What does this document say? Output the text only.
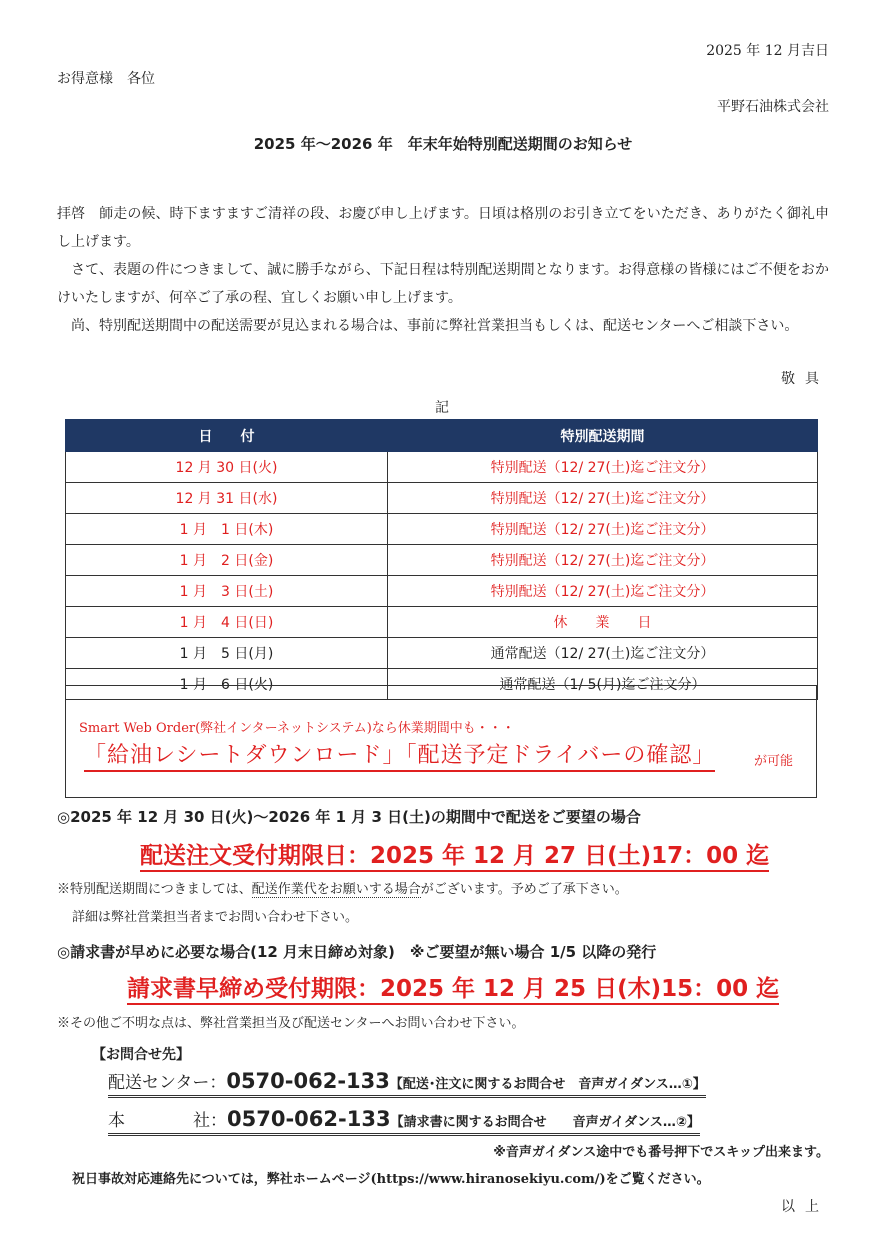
2025 年 12 月吉日
お得意様　各位
平野石油株式会社
2025 年～2026 年　年末年始特別配送期間のお知らせ
拝啓　師走の候、時下ますますご清祥の段、お慶び申し上げます。日頃は格別のお引き立てをいただき、ありがたく御礼申し上げます。
　さて、表題の件につきまして、誠に勝手ながら、下記日程は特別配送期間となります。お得意様の皆様にはご不便をおかけいたしますが、何卒ご了承の程、宜しくお願い申し上げます。
　尚、特別配送期間中の配送需要が見込まれる場合は、事前に弊社営業担当もしくは、配送センターへご相談下さい。
敬具
記
日　　付	特別配送期間
12 月 30 日(火)	特別配送（12/ 27(土)迄ご注文分）
12 月 31 日(水)	特別配送（12/ 27(土)迄ご注文分）
1 月　1 日(木)	特別配送（12/ 27(土)迄ご注文分）
1 月　2 日(金)	特別配送（12/ 27(土)迄ご注文分）
1 月　3 日(土)	特別配送（12/ 27(土)迄ご注文分）
1 月　4 日(日)	休　　業　　日
1 月　5 日(月)	通常配送（12/ 27(土)迄ご注文分）
1 月　6 日(火)	通常配送（1/ 5(月)迄ご注文分）
Smart Web Order(弊社インターネットシステム)なら休業期間中も・・・
「給油レシートダウンロード」「配送予定ドライバーの確認」	が可能
◎2025 年 12 月 30 日(火)～2026 年 1 月 3 日(土)の期間中で配送をご要望の場合
配送注文受付期限日：2025 年 12 月 27 日(土)17：00 迄
※特別配送期間につきましては、配送作業代をお願いする場合がございます。予めご了承下さい。
詳細は弊社営業担当者までお問い合わせ下さい。
◎請求書が早めに必要な場合(12 月末日締め対象)　※ご要望が無い場合 1/5 以降の発行
請求書早締め受付期限：2025 年 12 月 25 日(木)15：00 迄
※その他ご不明な点は、弊社営業担当及び配送センターへお問い合わせ下さい。
【お問合せ先】
配送センター：0570-062-133【配送･注文に関するお問合せ　音声ガイダンス…①】
本　　　　社：0570-062-133【請求書に関するお問合せ　　音声ガイダンス…②】
※音声ガイダンス途中でも番号押下でスキップ出来ます。
祝日事故対応連絡先については，弊社ホームページ(https://www.hiranosekiyu.com/)をご覧ください。
以上
